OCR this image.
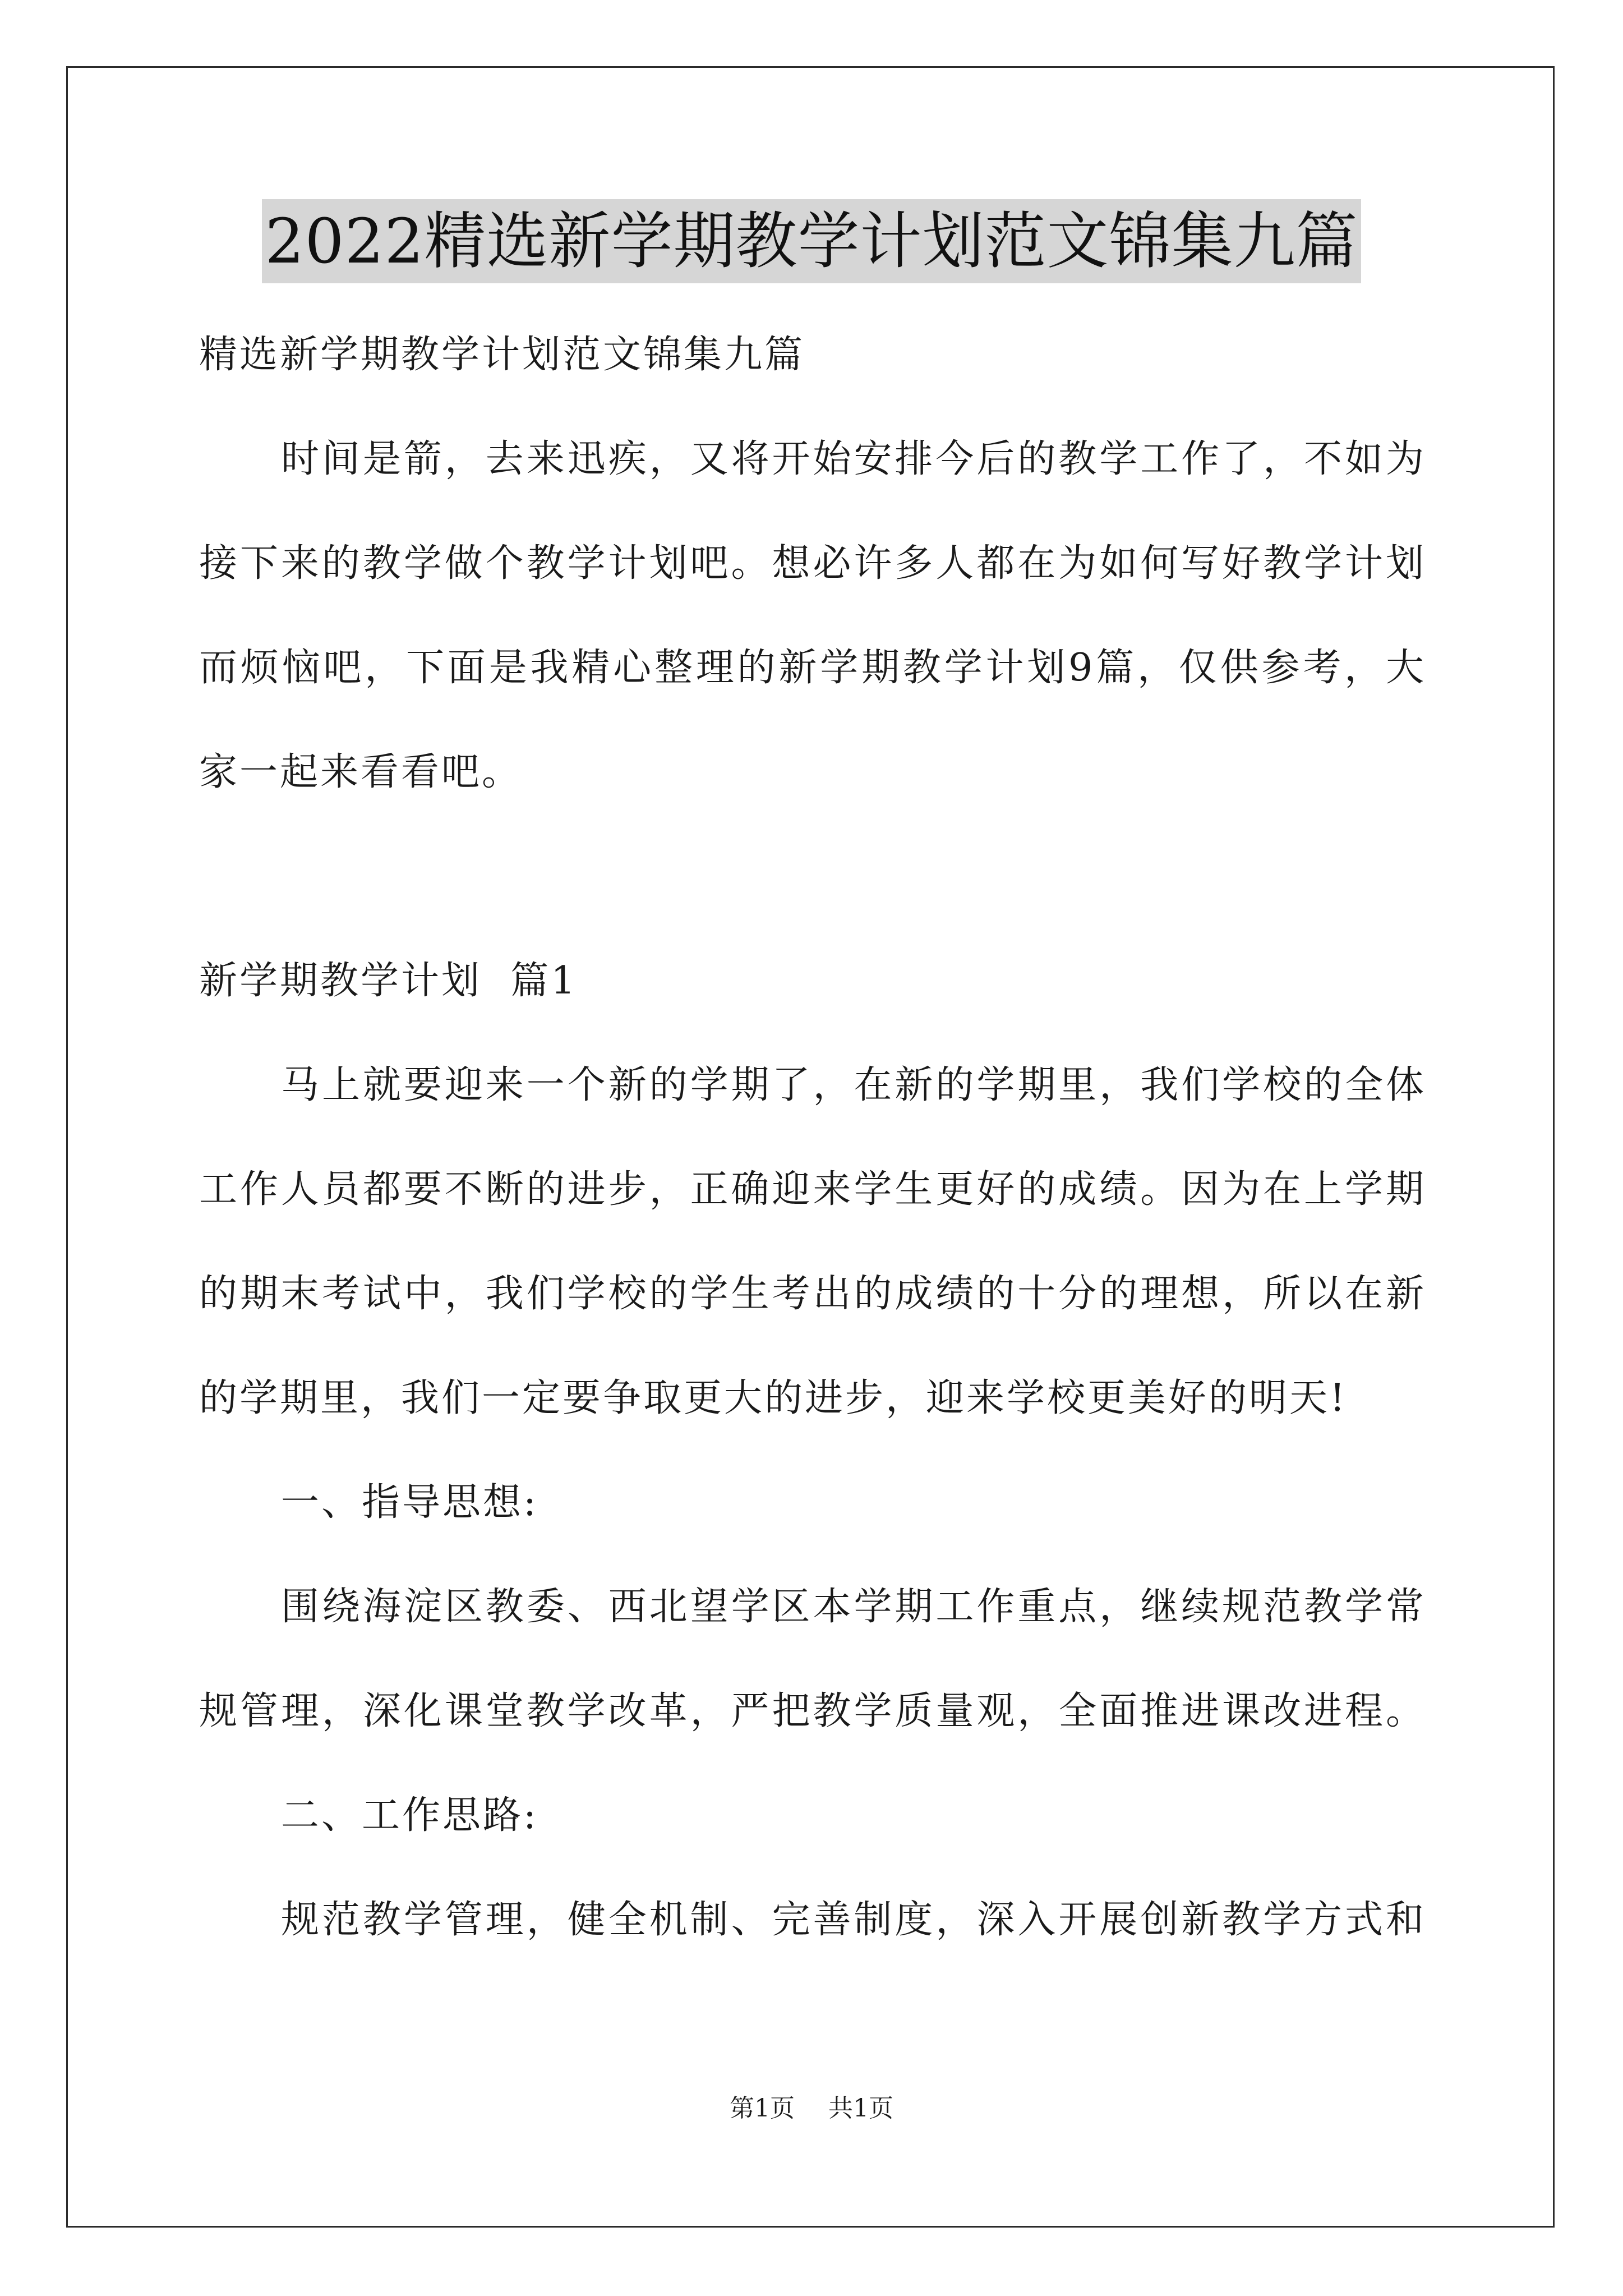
2022精选新学期教学计划范文锦集九篇
精选新学期教学计划范文锦集九篇
时间是箭，去来迅疾，又将开始安排今后的教学工作了，不如为
接下来的教学做个教学计划吧。想必许多人都在为如何写好教学计划
而烦恼吧，下面是我精心整理的新学期教学计划9篇，仅供参考，大
家一起来看看吧。
新学期教学计划  篇1
马上就要迎来一个新的学期了，在新的学期里，我们学校的全体
工作人员都要不断的进步，正确迎来学生更好的成绩。因为在上学期
的期末考试中，我们学校的学生考出的成绩的十分的理想，所以在新
的学期里，我们一定要争取更大的进步，迎来学校更美好的明天!
一、指导思想:
围绕海淀区教委、西北望学区本学期工作重点，继续规范教学常
规管理，深化课堂教学改革，严把教学质量观，全面推进课改进程。
二、工作思路:
规范教学管理，健全机制、完善制度，深入开展创新教学方式和
第1页 共1页
